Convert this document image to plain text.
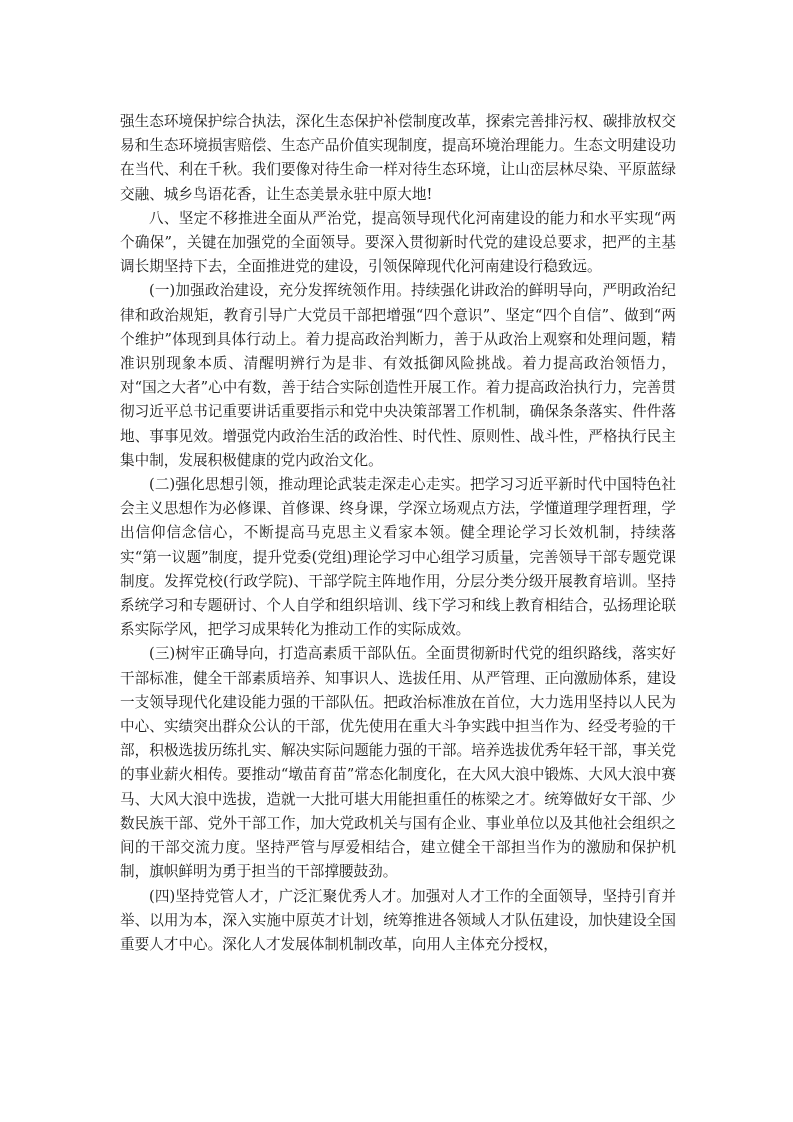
强生态环境保护综合执法，深化生态保护补偿制度改革，探索完善排污权、碳排放权交易和生态环境损害赔偿、生态产品价值实现制度，提高环境治理能力。生态文明建设功在当代、利在千秋。我们要像对待生命一样对待生态环境，让山峦层林尽染、平原蓝绿交融、城乡鸟语花香，让生态美景永驻中原大地!

八、坚定不移推进全面从严治党，提高领导现代化河南建设的能力和水平实现“两个确保”，关键在加强党的全面领导。要深入贯彻新时代党的建设总要求，把严的主基调长期坚持下去，全面推进党的建设，引领保障现代化河南建设行稳致远。

(一)加强政治建设，充分发挥统领作用。持续强化讲政治的鲜明导向，严明政治纪律和政治规矩，教育引导广大党员干部把增强“四个意识”、坚定“四个自信”、做到“两个维护”体现到具体行动上。着力提高政治判断力，善于从政治上观察和处理问题，精准识别现象本质、清醒明辨行为是非、有效抵御风险挑战。着力提高政治领悟力，对“国之大者”心中有数，善于结合实际创造性开展工作。着力提高政治执行力，完善贯彻习近平总书记重要讲话重要指示和党中央决策部署工作机制，确保条条落实、件件落地、事事见效。增强党内政治生活的政治性、时代性、原则性、战斗性，严格执行民主集中制，发展积极健康的党内政治文化。

(二)强化思想引领，推动理论武装走深走心走实。把学习习近平新时代中国特色社会主义思想作为必修课、首修课、终身课，学深立场观点方法，学懂道理学理哲理，学出信仰信念信心，不断提高马克思主义看家本领。健全理论学习长效机制，持续落实“第一议题”制度，提升党委(党组)理论学习中心组学习质量，完善领导干部专题党课制度。发挥党校(行政学院)、干部学院主阵地作用，分层分类分级开展教育培训。坚持系统学习和专题研讨、个人自学和组织培训、线下学习和线上教育相结合，弘扬理论联系实际学风，把学习成果转化为推动工作的实际成效。

(三)树牢正确导向，打造高素质干部队伍。全面贯彻新时代党的组织路线，落实好干部标准，健全干部素质培养、知事识人、选拔任用、从严管理、正向激励体系，建设一支领导现代化建设能力强的干部队伍。把政治标准放在首位，大力选用坚持以人民为中心、实绩突出群众公认的干部，优先使用在重大斗争实践中担当作为、经受考验的干部，积极选拔历练扎实、解决实际问题能力强的干部。培养选拔优秀年轻干部，事关党的事业薪火相传。要推动“墩苗育苗”常态化制度化，在大风大浪中锻炼、大风大浪中赛马、大风大浪中选拔，造就一大批可堪大用能担重任的栋梁之才。统筹做好女干部、少数民族干部、党外干部工作，加大党政机关与国有企业、事业单位以及其他社会组织之间的干部交流力度。坚持严管与厚爱相结合，建立健全干部担当作为的激励和保护机制，旗帜鲜明为勇于担当的干部撑腰鼓劲。

(四)坚持党管人才，广泛汇聚优秀人才。加强对人才工作的全面领导，坚持引育并举、以用为本，深入实施中原英才计划，统筹推进各领域人才队伍建设，加快建设全国重要人才中心。深化人才发展体制机制改革，向用人主体充分授权，
